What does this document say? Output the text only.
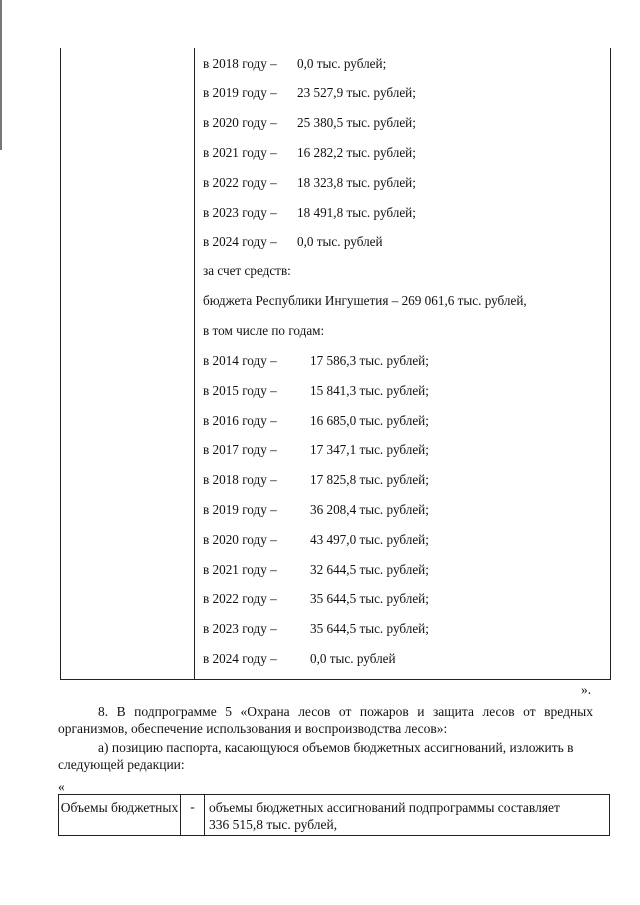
в 2018 году – 0,0 тыс. рублей;
в 2019 году – 23 527,9 тыс. рублей;
в 2020 году – 25 380,5 тыс. рублей;
в 2021 году – 16 282,2 тыс. рублей;
в 2022 году – 18 323,8 тыс. рублей;
в 2023 году – 18 491,8 тыс. рублей;
в 2024 году – 0,0 тыс. рублей
за счет средств:
бюджета Республики Ингушетия – 269 061,6 тыс. рублей,
в том числе по годам:
в 2014 году –	17 586,3 тыс. рублей;
в 2015 году –	15 841,3 тыс. рублей;
в 2016 году –	16 685,0 тыс. рублей;
в 2017 году –	17 347,1 тыс. рублей;
в 2018 году –	17 825,8 тыс. рублей;
в 2019 году –	36 208,4 тыс. рублей;
в 2020 году –	43 497,0 тыс. рублей;
в 2021 году –	32 644,5 тыс. рублей;
в 2022 году –	35 644,5 тыс. рублей;
в 2023 году –	35 644,5 тыс. рублей;
в 2024 году –	0,0 тыс. рублей
».
8. В подпрограмме 5 «Охрана лесов от пожаров и защита лесов от вредных организмов, обеспечение использования и воспроизводства лесов»:
а) позицию паспорта, касающуюся объемов бюджетных ассигнований, изложить в следующей редакции:
«
Объемы бюджетных -	объемы бюджетных ассигнований подпрограммы составляет
336 515,8 тыс. рублей,
